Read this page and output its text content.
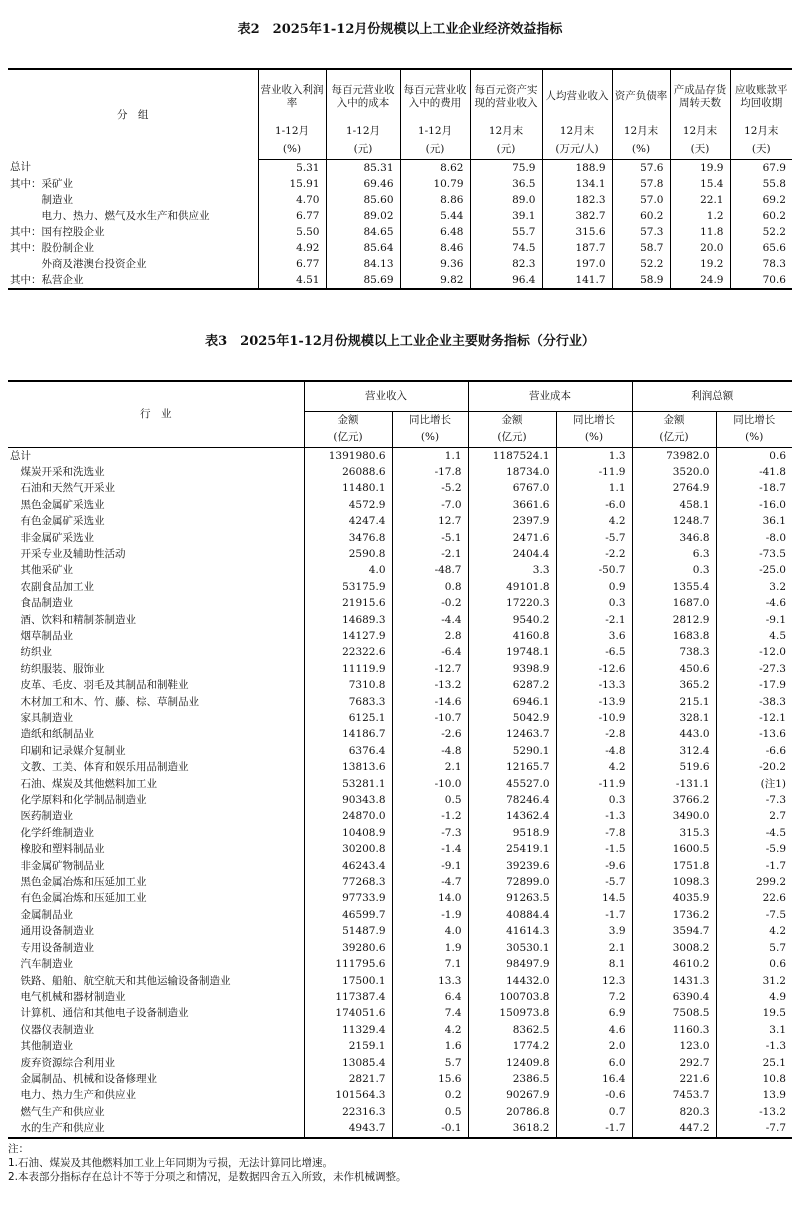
表2　2025年1-12月份规模以上工业企业经济效益指标
分　组	营业收入利润率	每百元营业收入中的成本	每百元营业收入中的费用	每百元资产实现的营业收入	人均营业收入	资产负债率	产成品存货周转天数	应收账款平均回收期
	1-12月	1-12月	1-12月	12月末	12月末	12月末	12月末	12月末
	(%)	(元)	(元)	(元)	(万元/人)	(%)	(天)	(天)
总计	5.31	85.31	8.62	75.9	188.9	57.6	19.9	67.9
其中：采矿业	15.91	69.46	10.79	36.5	134.1	57.8	15.4	55.8
　　　制造业	4.70	85.60	8.86	89.0	182.3	57.0	22.1	69.2
　　　电力、热力、燃气及水生产和供应业	6.77	89.02	5.44	39.1	382.7	60.2	1.2	60.2
其中：国有控股企业	5.50	84.65	6.48	55.7	315.6	57.3	11.8	52.2
其中：股份制企业	4.92	85.64	8.46	74.5	187.7	58.7	20.0	65.6
　　　外商及港澳台投资企业	6.77	84.13	9.36	82.3	197.0	52.2	19.2	78.3
其中：私营企业	4.51	85.69	9.82	96.4	141.7	58.9	24.9	70.6
表3　2025年1-12月份规模以上工业企业主要财务指标（分行业）
行　业	营业收入		营业成本		利润总额	
	金额	同比增长	金额	同比增长	金额	同比增长
	(亿元)	(%)	(亿元)	(%)	(亿元)	(%)
总计	1391980.6	1.1	1187524.1	1.3	73982.0	0.6
　煤炭开采和洗选业	26088.6	-17.8	18734.0	-11.9	3520.0	-41.8
　石油和天然气开采业	11480.1	-5.2	6767.0	1.1	2764.9	-18.7
　黑色金属矿采选业	4572.9	-7.0	3661.6	-6.0	458.1	-16.0
　有色金属矿采选业	4247.4	12.7	2397.9	4.2	1248.7	36.1
　非金属矿采选业	3476.8	-5.1	2471.6	-5.7	346.8	-8.0
　开采专业及辅助性活动	2590.8	-2.1	2404.4	-2.2	6.3	-73.5
　其他采矿业	4.0	-48.7	3.3	-50.7	0.3	-25.0
　农副食品加工业	53175.9	0.8	49101.8	0.9	1355.4	3.2
　食品制造业	21915.6	-0.2	17220.3	0.3	1687.0	-4.6
　酒、饮料和精制茶制造业	14689.3	-4.4	9540.2	-2.1	2812.9	-9.1
　烟草制品业	14127.9	2.8	4160.8	3.6	1683.8	4.5
　纺织业	22322.6	-6.4	19748.1	-6.5	738.3	-12.0
　纺织服装、服饰业	11119.9	-12.7	9398.9	-12.6	450.6	-27.3
　皮革、毛皮、羽毛及其制品和制鞋业	7310.8	-13.2	6287.2	-13.3	365.2	-17.9
　木材加工和木、竹、藤、棕、草制品业	7683.3	-14.6	6946.1	-13.9	215.1	-38.3
　家具制造业	6125.1	-10.7	5042.9	-10.9	328.1	-12.1
　造纸和纸制品业	14186.7	-2.6	12463.7	-2.8	443.0	-13.6
　印刷和记录媒介复制业	6376.4	-4.8	5290.1	-4.8	312.4	-6.6
　文教、工美、体育和娱乐用品制造业	13813.6	2.1	12165.7	4.2	519.6	-20.2
　石油、煤炭及其他燃料加工业	53281.1	-10.0	45527.0	-11.9	-131.1	(注1)
　化学原料和化学制品制造业	90343.8	0.5	78246.4	0.3	3766.2	-7.3
　医药制造业	24870.0	-1.2	14362.4	-1.3	3490.0	2.7
　化学纤维制造业	10408.9	-7.3	9518.9	-7.8	315.3	-4.5
　橡胶和塑料制品业	30200.8	-1.4	25419.1	-1.5	1600.5	-5.9
　非金属矿物制品业	46243.4	-9.1	39239.6	-9.6	1751.8	-1.7
　黑色金属冶炼和压延加工业	77268.3	-4.7	72899.0	-5.7	1098.3	299.2
　有色金属冶炼和压延加工业	97733.9	14.0	91263.5	14.5	4035.9	22.6
　金属制品业	46599.7	-1.9	40884.4	-1.7	1736.2	-7.5
　通用设备制造业	51487.9	4.0	41614.3	3.9	3594.7	4.2
　专用设备制造业	39280.6	1.9	30530.1	2.1	3008.2	5.7
　汽车制造业	111795.6	7.1	98497.9	8.1	4610.2	0.6
　铁路、船舶、航空航天和其他运输设备制造业	17500.1	13.3	14432.0	12.3	1431.3	31.2
　电气机械和器材制造业	117387.4	6.4	100703.8	7.2	6390.4	4.9
　计算机、通信和其他电子设备制造业	174051.6	7.4	150973.8	6.9	7508.5	19.5
　仪器仪表制造业	11329.4	4.2	8362.5	4.6	1160.3	3.1
　其他制造业	2159.1	1.6	1774.2	2.0	123.0	-1.3
　废弃资源综合利用业	13085.4	5.7	12409.8	6.0	292.7	25.1
　金属制品、机械和设备修理业	2821.7	15.6	2386.5	16.4	221.6	10.8
　电力、热力生产和供应业	101564.3	0.2	90267.9	-0.6	7453.7	13.9
　燃气生产和供应业	22316.3	0.5	20786.8	0.7	820.3	-13.2
　水的生产和供应业	4943.7	-0.1	3618.2	-1.7	447.2	-7.7
注：
1.石油、煤炭及其他燃料加工业上年同期为亏损，无法计算同比增速。
2.本表部分指标存在总计不等于分项之和情况，是数据四舍五入所致，未作机械调整。
